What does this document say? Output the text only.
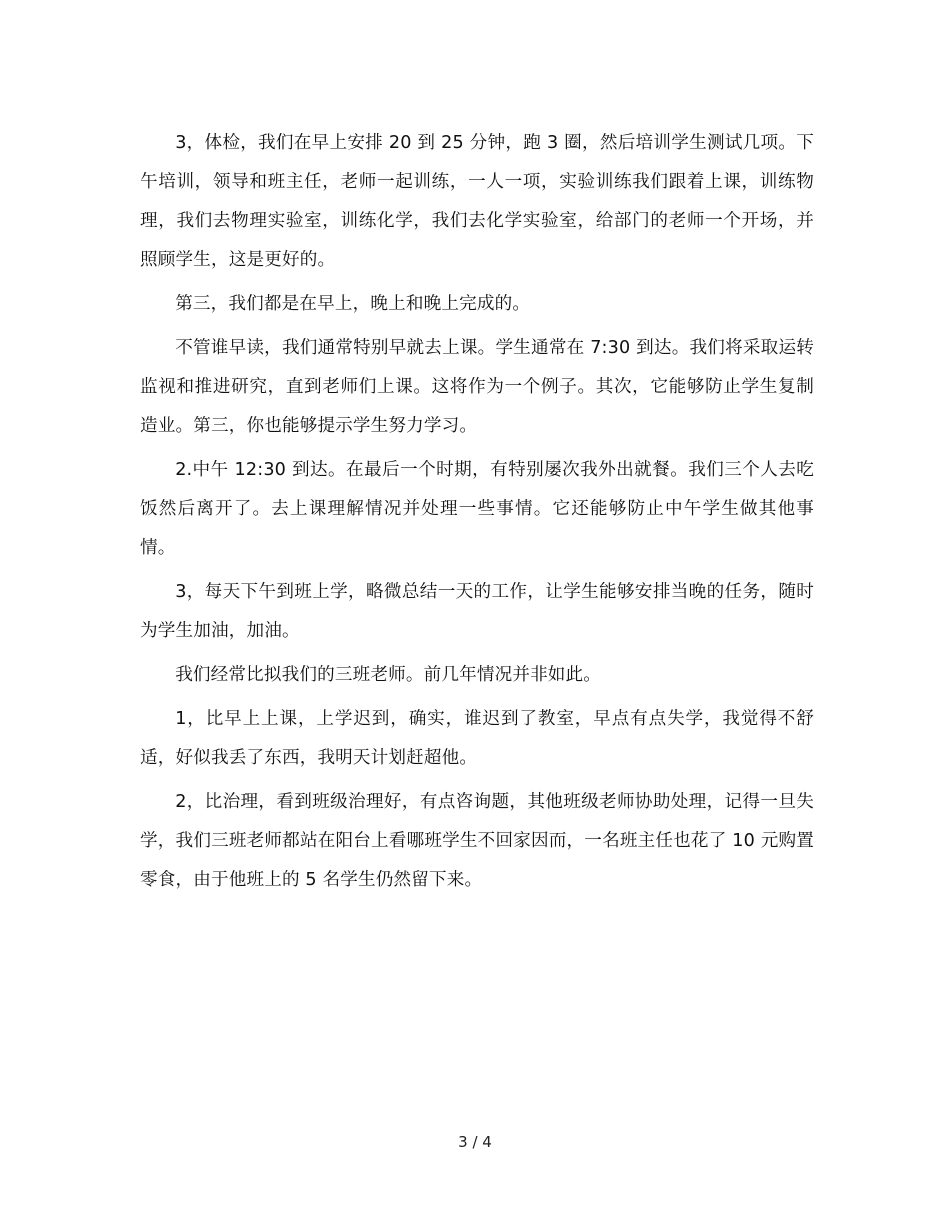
3，体检，我们在早上安排 20 到 25 分钟，跑 3 圈，然后培训学生测试几项。下午培训，领导和班主任，老师一起训练，一人一项，实验训练我们跟着上课，训练物理，我们去物理实验室，训练化学，我们去化学实验室，给部门的老师一个开场，并照顾学生，这是更好的。

第三，我们都是在早上，晚上和晚上完成的。

不管谁早读，我们通常特别早就去上课。学生通常在 7:30 到达。我们将采取运转监视和推进研究，直到老师们上课。这将作为一个例子。其次，它能够防止学生复制造业。第三，你也能够提示学生努力学习。

2.中午 12:30 到达。在最后一个时期，有特别屡次我外出就餐。我们三个人去吃饭然后离开了。去上课理解情况并处理一些事情。它还能够防止中午学生做其他事情。

3，每天下午到班上学，略微总结一天的工作，让学生能够安排当晚的任务，随时为学生加油，加油。

我们经常比拟我们的三班老师。前几年情况并非如此。

1，比早上上课，上学迟到，确实，谁迟到了教室，早点有点失学，我觉得不舒适，好似我丢了东西，我明天计划赶超他。

2，比治理，看到班级治理好，有点咨询题，其他班级老师协助处理，记得一旦失学，我们三班老师都站在阳台上看哪班学生不回家因而，一名班主任也花了 10 元购置零食，由于他班上的 5 名学生仍然留下来。

3 / 4
